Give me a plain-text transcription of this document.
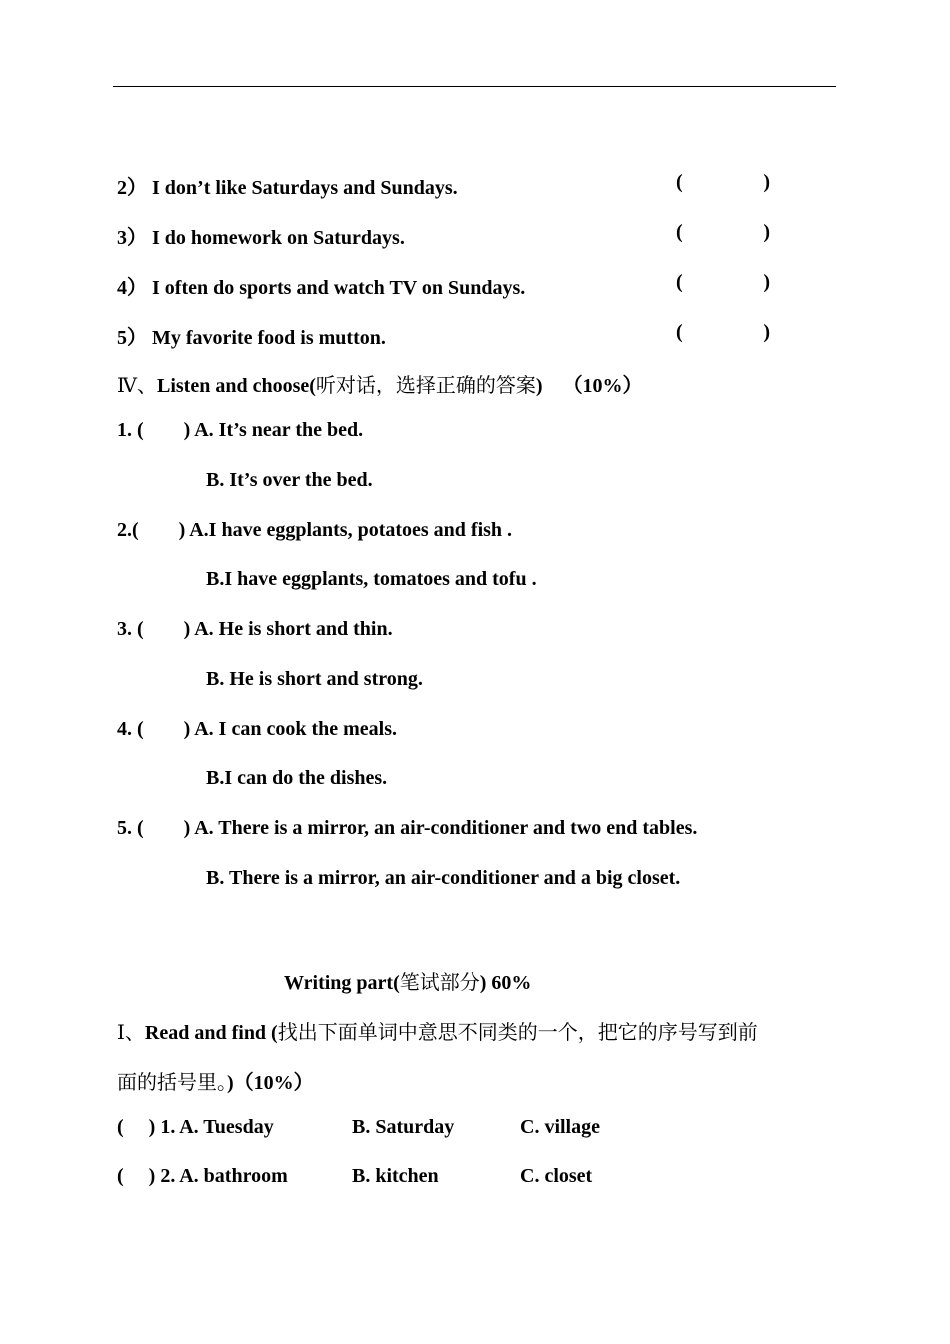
2） I don’t like Saturdays and Sundays.	(	)
3） I do homework on Saturdays.	(	)
4） I often do sports and watch TV on Sundays.	(	)
5） My favorite food is mutton.	(	)
Ⅳ、Listen and choose(听对话，选择正确的答案) （10%）
1. (        ) A. It’s near the bed.
B. It’s over the bed.
2.(        ) A.I have eggplants, potatoes and fish .
B.I have eggplants, tomatoes and tofu .
3. (        ) A. He is short and thin.
B. He is short and strong.
4. (        ) A. I can cook the meals.
B.I can do the dishes.
5. (        ) A. There is a mirror, an air-conditioner and two end tables.
B. There is a mirror, an air-conditioner and a big closet.
Writing part(笔试部分) 60%
Ⅰ、Read and find (找出下面单词中意思不同类的一个，把它的序号写到前
面的括号里。)（10%）
(     ) 1. A. Tuesday	B. Saturday	C. village
(     ) 2. A. bathroom	B. kitchen	C. closet
